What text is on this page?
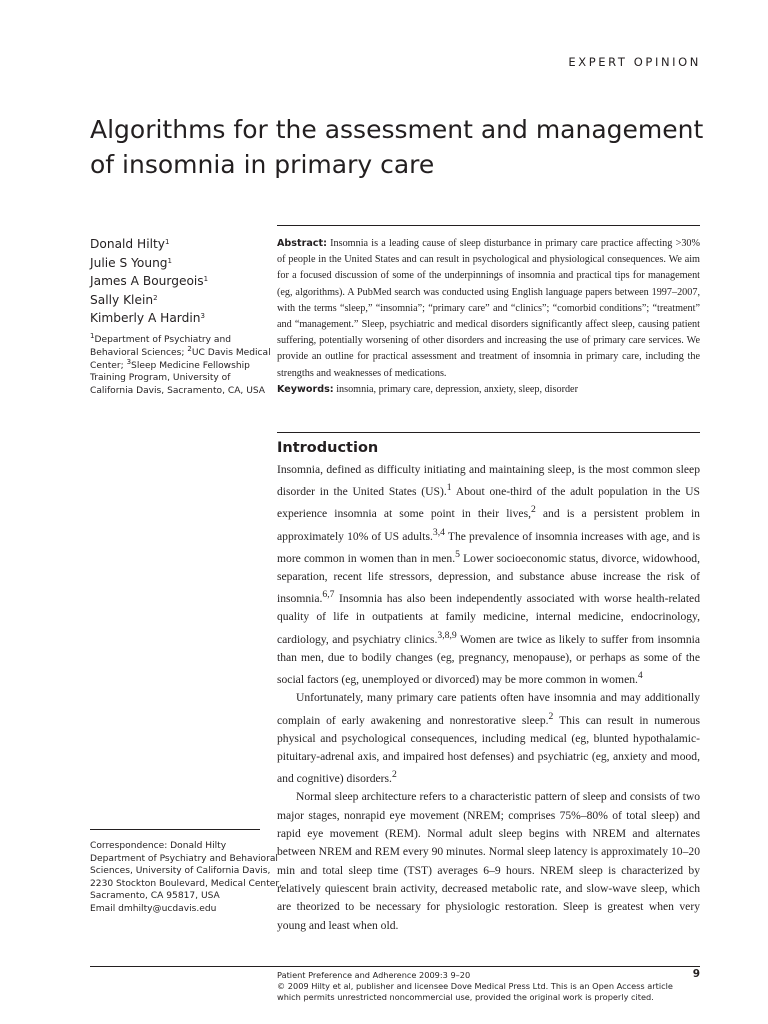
EXPERT OPINION
Algorithms for the assessment and management of insomnia in primary care
Donald Hilty$^1$
Julie S Young$^1$
James A Bourgeois$^1$
Sally Klein$^2$
Kimberly A Hardin$^3$
$^1$Department of Psychiatry and Behavioral Sciences; $^2$UC Davis Medical Center; $^3$Sleep Medicine Fellowship Training Program, University of California Davis, Sacramento, CA, USA

Abstract: Insomnia is a leading cause of sleep disturbance in primary care practice affecting >30% of people in the United States and can result in psychological and physiological consequences. We aim for a focused discussion of some of the underpinnings of insomnia and practical tips for management (eg, algorithms). A PubMed search was conducted using English language papers between 1997–2007, with the terms “sleep,” “insomnia”; “primary care” and “clinics”; “comorbid conditions”; “treatment” and “management.” Sleep, psychiatric and medical disorders significantly affect sleep, causing patient suffering, potentially worsening of other disorders and increasing the use of primary care services. We provide an outline for practical assessment and treatment of insomnia in primary care, including the strengths and weaknesses of medications.

Keywords: insomnia, primary care, depression, anxiety, sleep, disorder

Introduction

Insomnia, defined as difficulty initiating and maintaining sleep, is the most common sleep disorder in the United States (US).$^1$ About one-third of the adult population in the US experience insomnia at some point in their lives,$^2$ and is a persistent problem in approximately 10% of US adults.$^{3,4}$ The prevalence of insomnia increases with age, and is more common in women than in men.$^5$ Lower socioeconomic status, divorce, widowhood, separation, recent life stressors, depression, and substance abuse increase the risk of insomnia.$^{6,7}$ Insomnia has also been independently associated with worse health-related quality of life in outpatients at family medicine, internal medicine, endocrinology, cardiology, and psychiatry clinics.$^{3,8,9}$ Women are twice as likely to suffer from insomnia than men, due to bodily changes (eg, pregnancy, menopause), or perhaps as some of the social factors (eg, unemployed or divorced) may be more common in women.$^4$

Unfortunately, many primary care patients often have insomnia and may additionally complain of early awakening and nonrestorative sleep.$^2$ This can result in numerous physical and psychological consequences, including medical (eg, blunted hypothalamic-pituitary-adrenal axis, and impaired host defenses) and psychiatric (eg, anxiety and mood, and cognitive) disorders.$^2$

Normal sleep architecture refers to a characteristic pattern of sleep and consists of two major stages, nonrapid eye movement (NREM; comprises 75%–80% of total sleep) and rapid eye movement (REM). Normal adult sleep begins with NREM and alternates between NREM and REM every 90 minutes. Normal sleep latency is approximately 10–20 min and total sleep time (TST) averages 6–9 hours. NREM sleep is characterized by relatively quiescent brain activity, decreased metabolic rate, and slow-wave sleep, which are theorized to be necessary for physiologic restoration. Sleep is greatest when very young and least when old.

Correspondence: Donald Hilty
Department of Psychiatry and Behavioral
Sciences, University of California Davis,
2230 Stockton Boulevard, Medical Center,
Sacramento, CA 95817, USA
Email dmhilty@ucdavis.edu
Patient Preference and Adherence 2009:3 9–20
© 2009 Hilty et al, publisher and licensee Dove Medical Press Ltd. This is an Open Access article
which permits unrestricted noncommercial use, provided the original work is properly cited.
9
